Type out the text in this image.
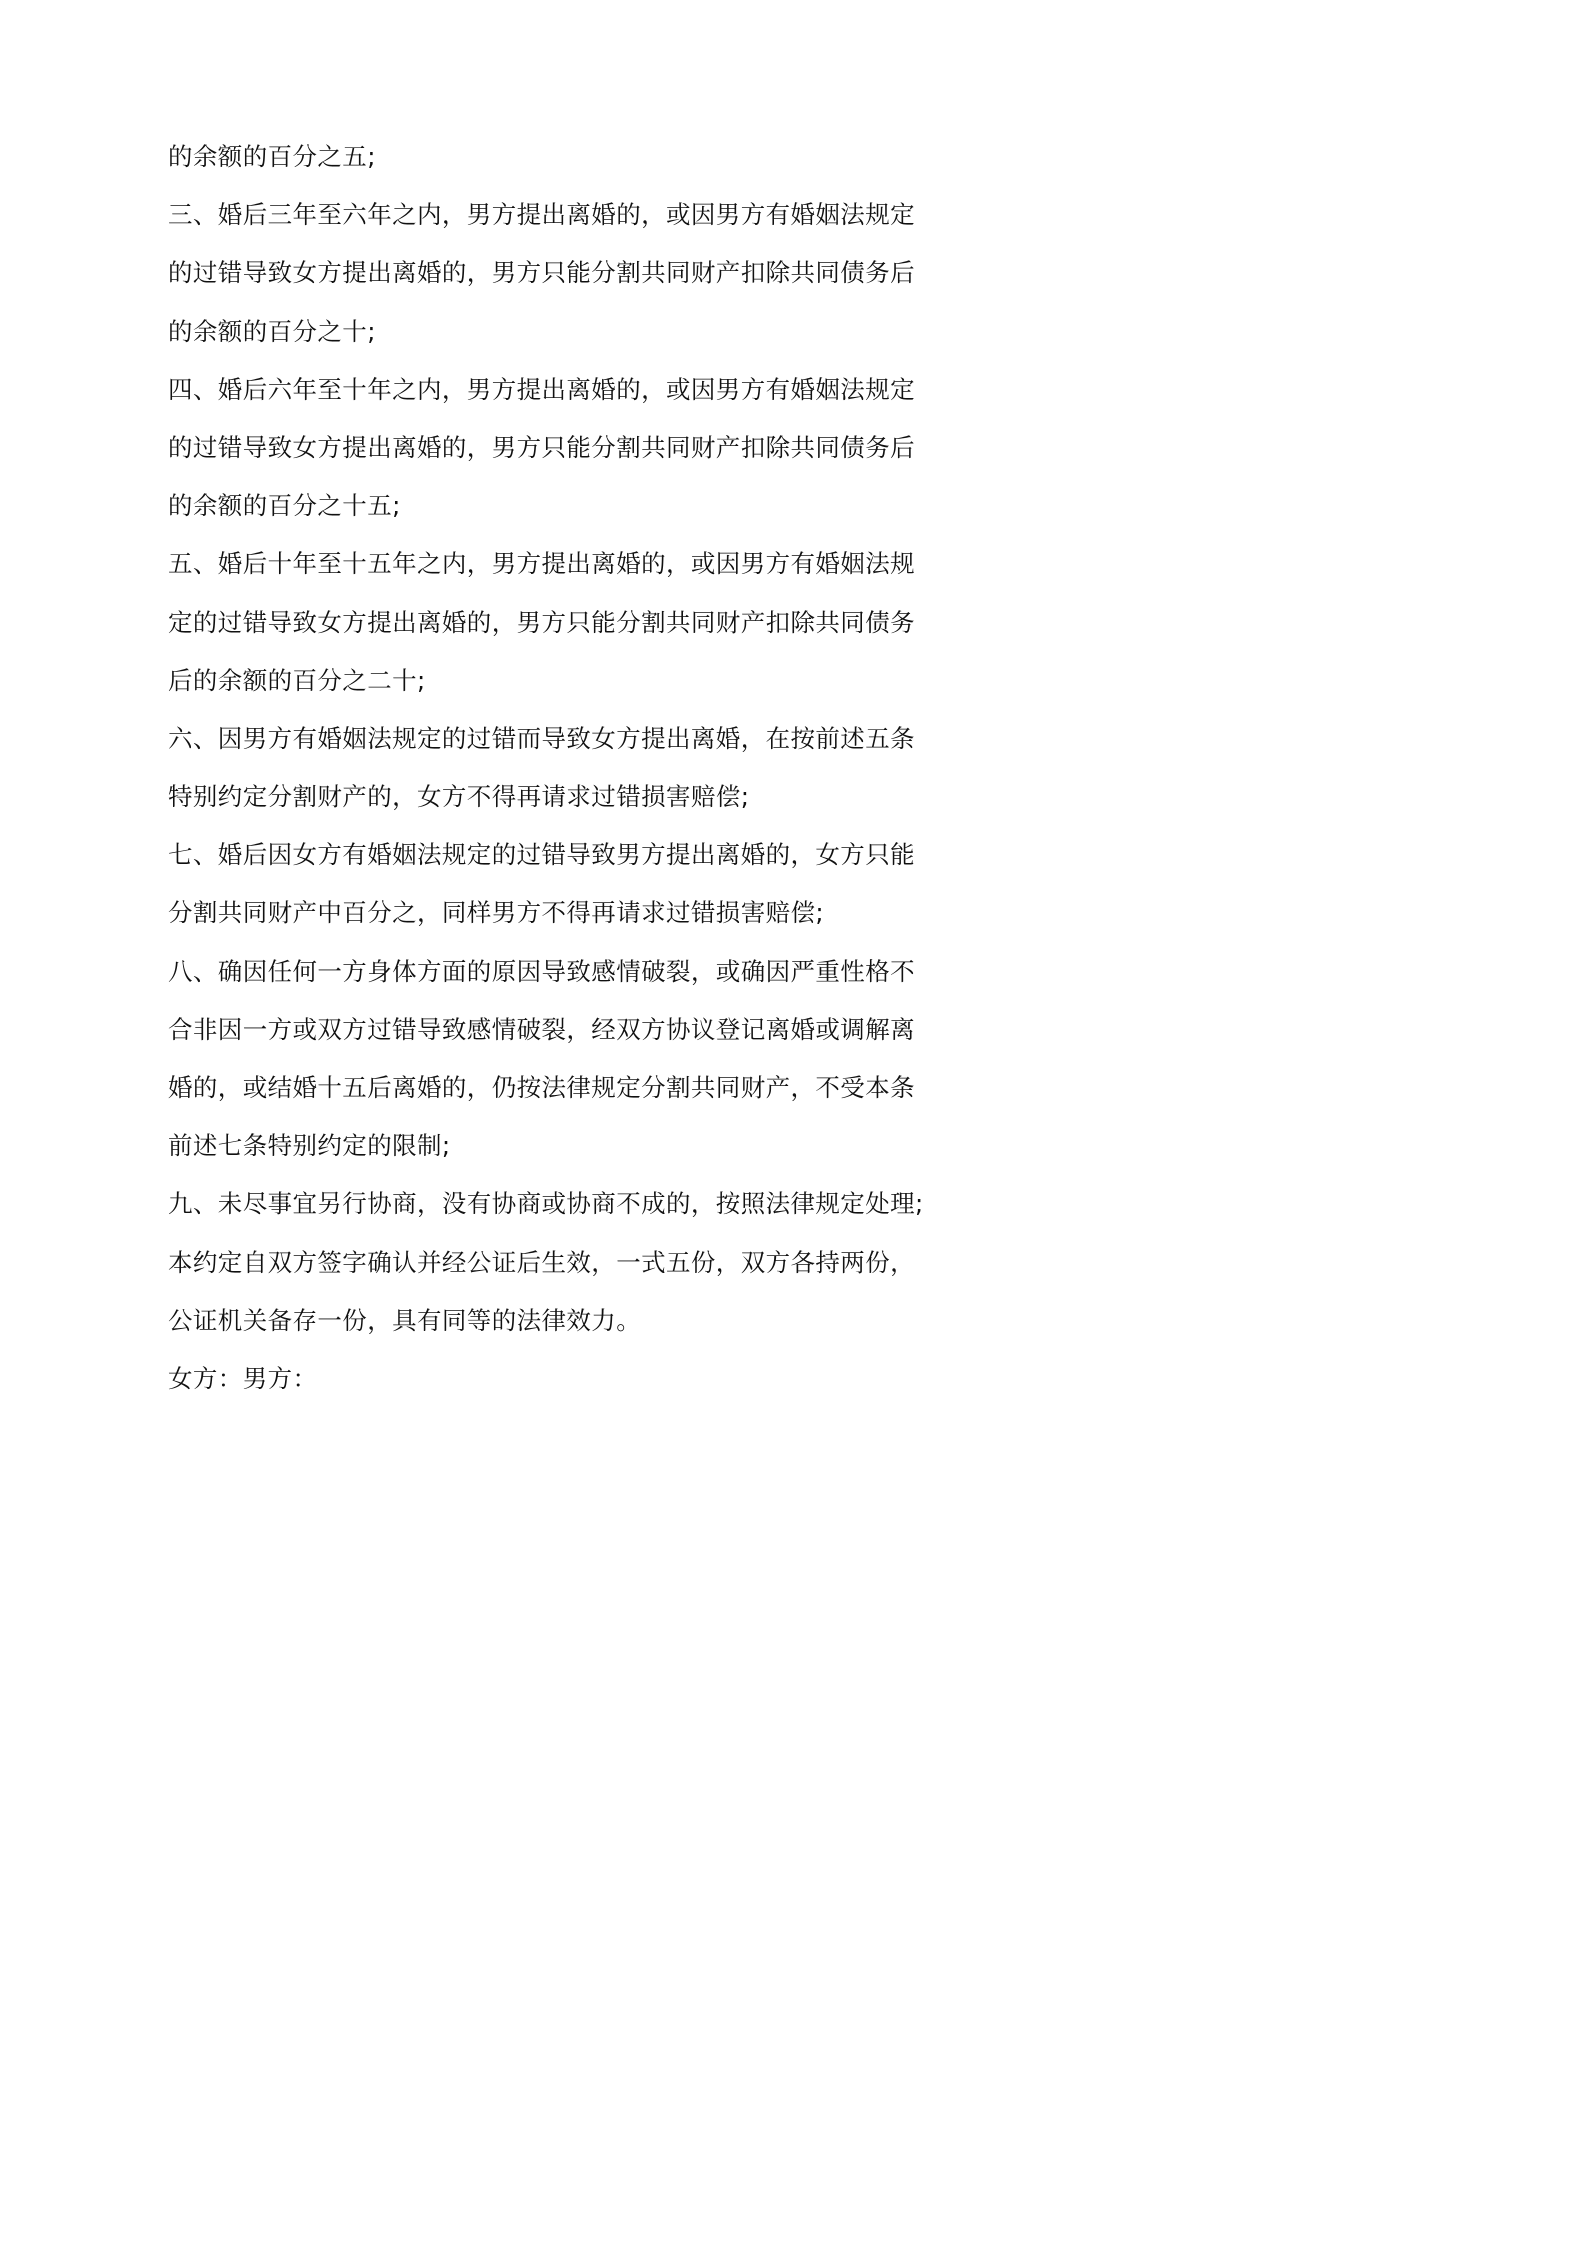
的余额的百分之五;
三、婚后三年至六年之内，男方提出离婚的，或因男方有婚姻法规定
的过错导致女方提出离婚的，男方只能分割共同财产扣除共同债务后
的余额的百分之十;
四、婚后六年至十年之内，男方提出离婚的，或因男方有婚姻法规定
的过错导致女方提出离婚的，男方只能分割共同财产扣除共同债务后
的余额的百分之十五;
五、婚后十年至十五年之内，男方提出离婚的，或因男方有婚姻法规
定的过错导致女方提出离婚的，男方只能分割共同财产扣除共同债务
后的余额的百分之二十;
六、因男方有婚姻法规定的过错而导致女方提出离婚，在按前述五条
特别约定分割财产的，女方不得再请求过错损害赔偿;
七、婚后因女方有婚姻法规定的过错导致男方提出离婚的，女方只能
分割共同财产中百分之，同样男方不得再请求过错损害赔偿;
八、确因任何一方身体方面的原因导致感情破裂，或确因严重性格不
合非因一方或双方过错导致感情破裂，经双方协议登记离婚或调解离
婚的，或结婚十五后离婚的，仍按法律规定分割共同财产，不受本条
前述七条特别约定的限制;
九、未尽事宜另行协商，没有协商或协商不成的，按照法律规定处理;
本约定自双方签字确认并经公证后生效，一式五份，双方各持两份，
公证机关备存一份，具有同等的法律效力。
女方：男方：
